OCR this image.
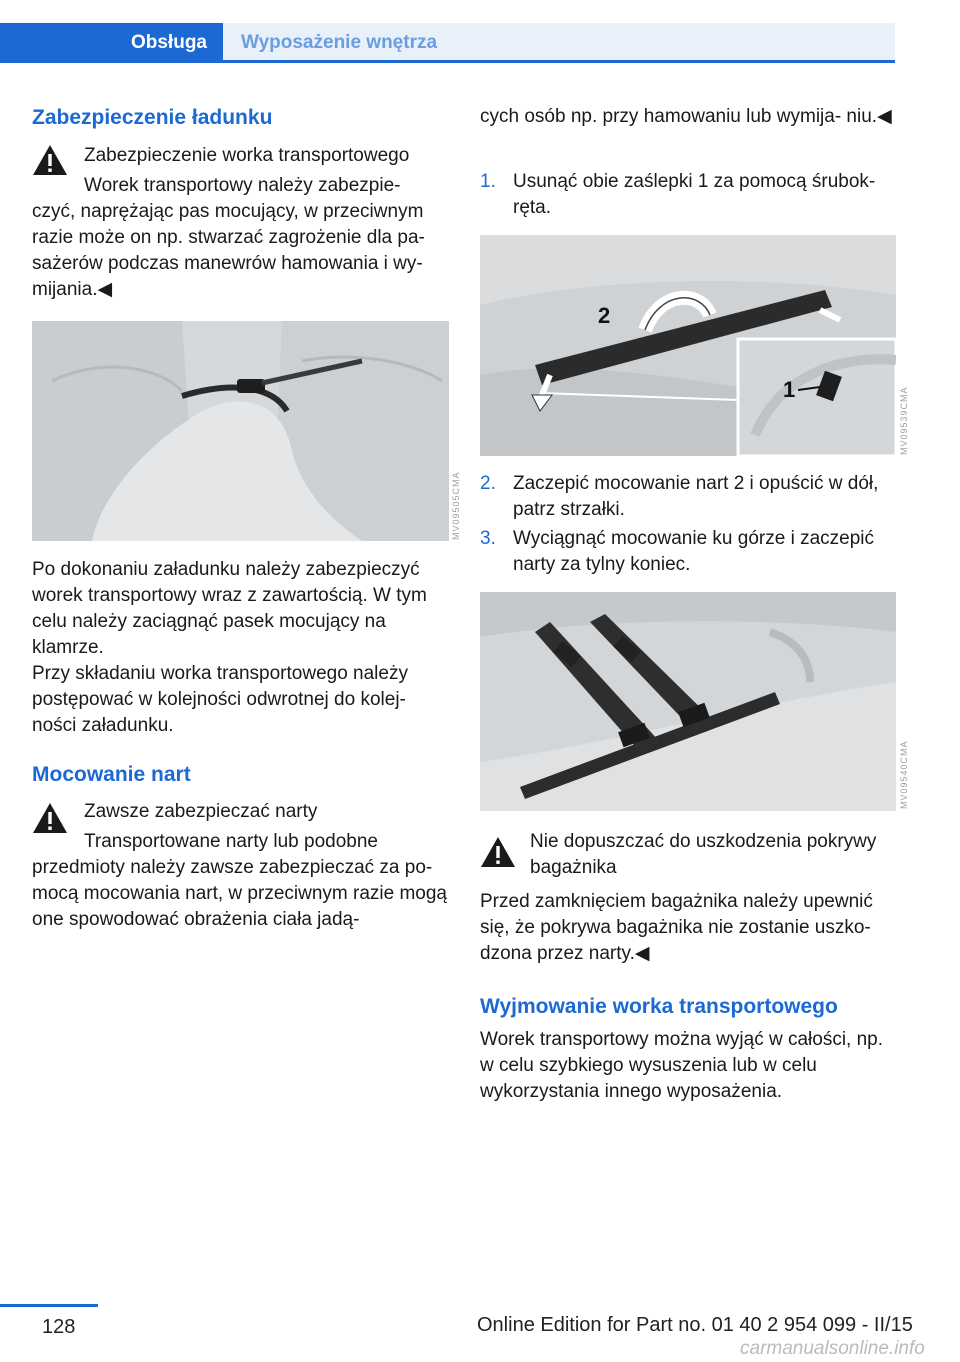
Obsługa	Wyposażenie wnętrza
Zabezpieczenie ładunku
Zabezpieczenie worka transportowego
Worek transportowy należy zabezpie‐
czyć, naprężając pas mocujący, w przeciwnym razie może on np. stwarzać zagrożenie dla pa‐ sażerów podczas manewrów hamowania i wy‐ mijania.◀
MV09505CMA
Po dokonaniu załadunku należy zabezpieczyć worek transportowy wraz z zawartością. W tym celu należy zaciągnąć pasek mocujący na klamrze.
Przy składaniu worka transportowego należy postępować w kolejności odwrotnej do kolej‐ ności załadunku.
Mocowanie nart
Zawsze zabezpieczać narty
Transportowane narty lub podobne
przedmioty należy zawsze zabezpieczać za po‐ mocą mocowania nart, w przeciwnym razie mogą one spowodować obrażenia ciała jadą‐
cych osób np. przy hamowaniu lub wymija‐ niu.◀
1. Usunąć obie zaślepki 1 za pomocą śrubok‐ ręta.
2
1	MV09539CMA
2. Zaczepić mocowanie nart 2 i opuścić w dół, patrz strzałki.
3. Wyciągnąć mocowanie ku górze i zaczepić narty za tylny koniec.
MV09540CMA
Nie dopuszczać do uszkodzenia pokrywy bagażnika
Przed zamknięciem bagażnika należy upewnić się, że pokrywa bagażnika nie zostanie uszko‐ dzona przez narty.◀
Wyjmowanie worka transportowego
Worek transportowy można wyjąć w całości, np. w celu szybkiego wysuszenia lub w celu wykorzystania innego wyposażenia.
128	Online Edition for Part no. 01 40 2 954 099 - II/15
carmanualsonline.info
